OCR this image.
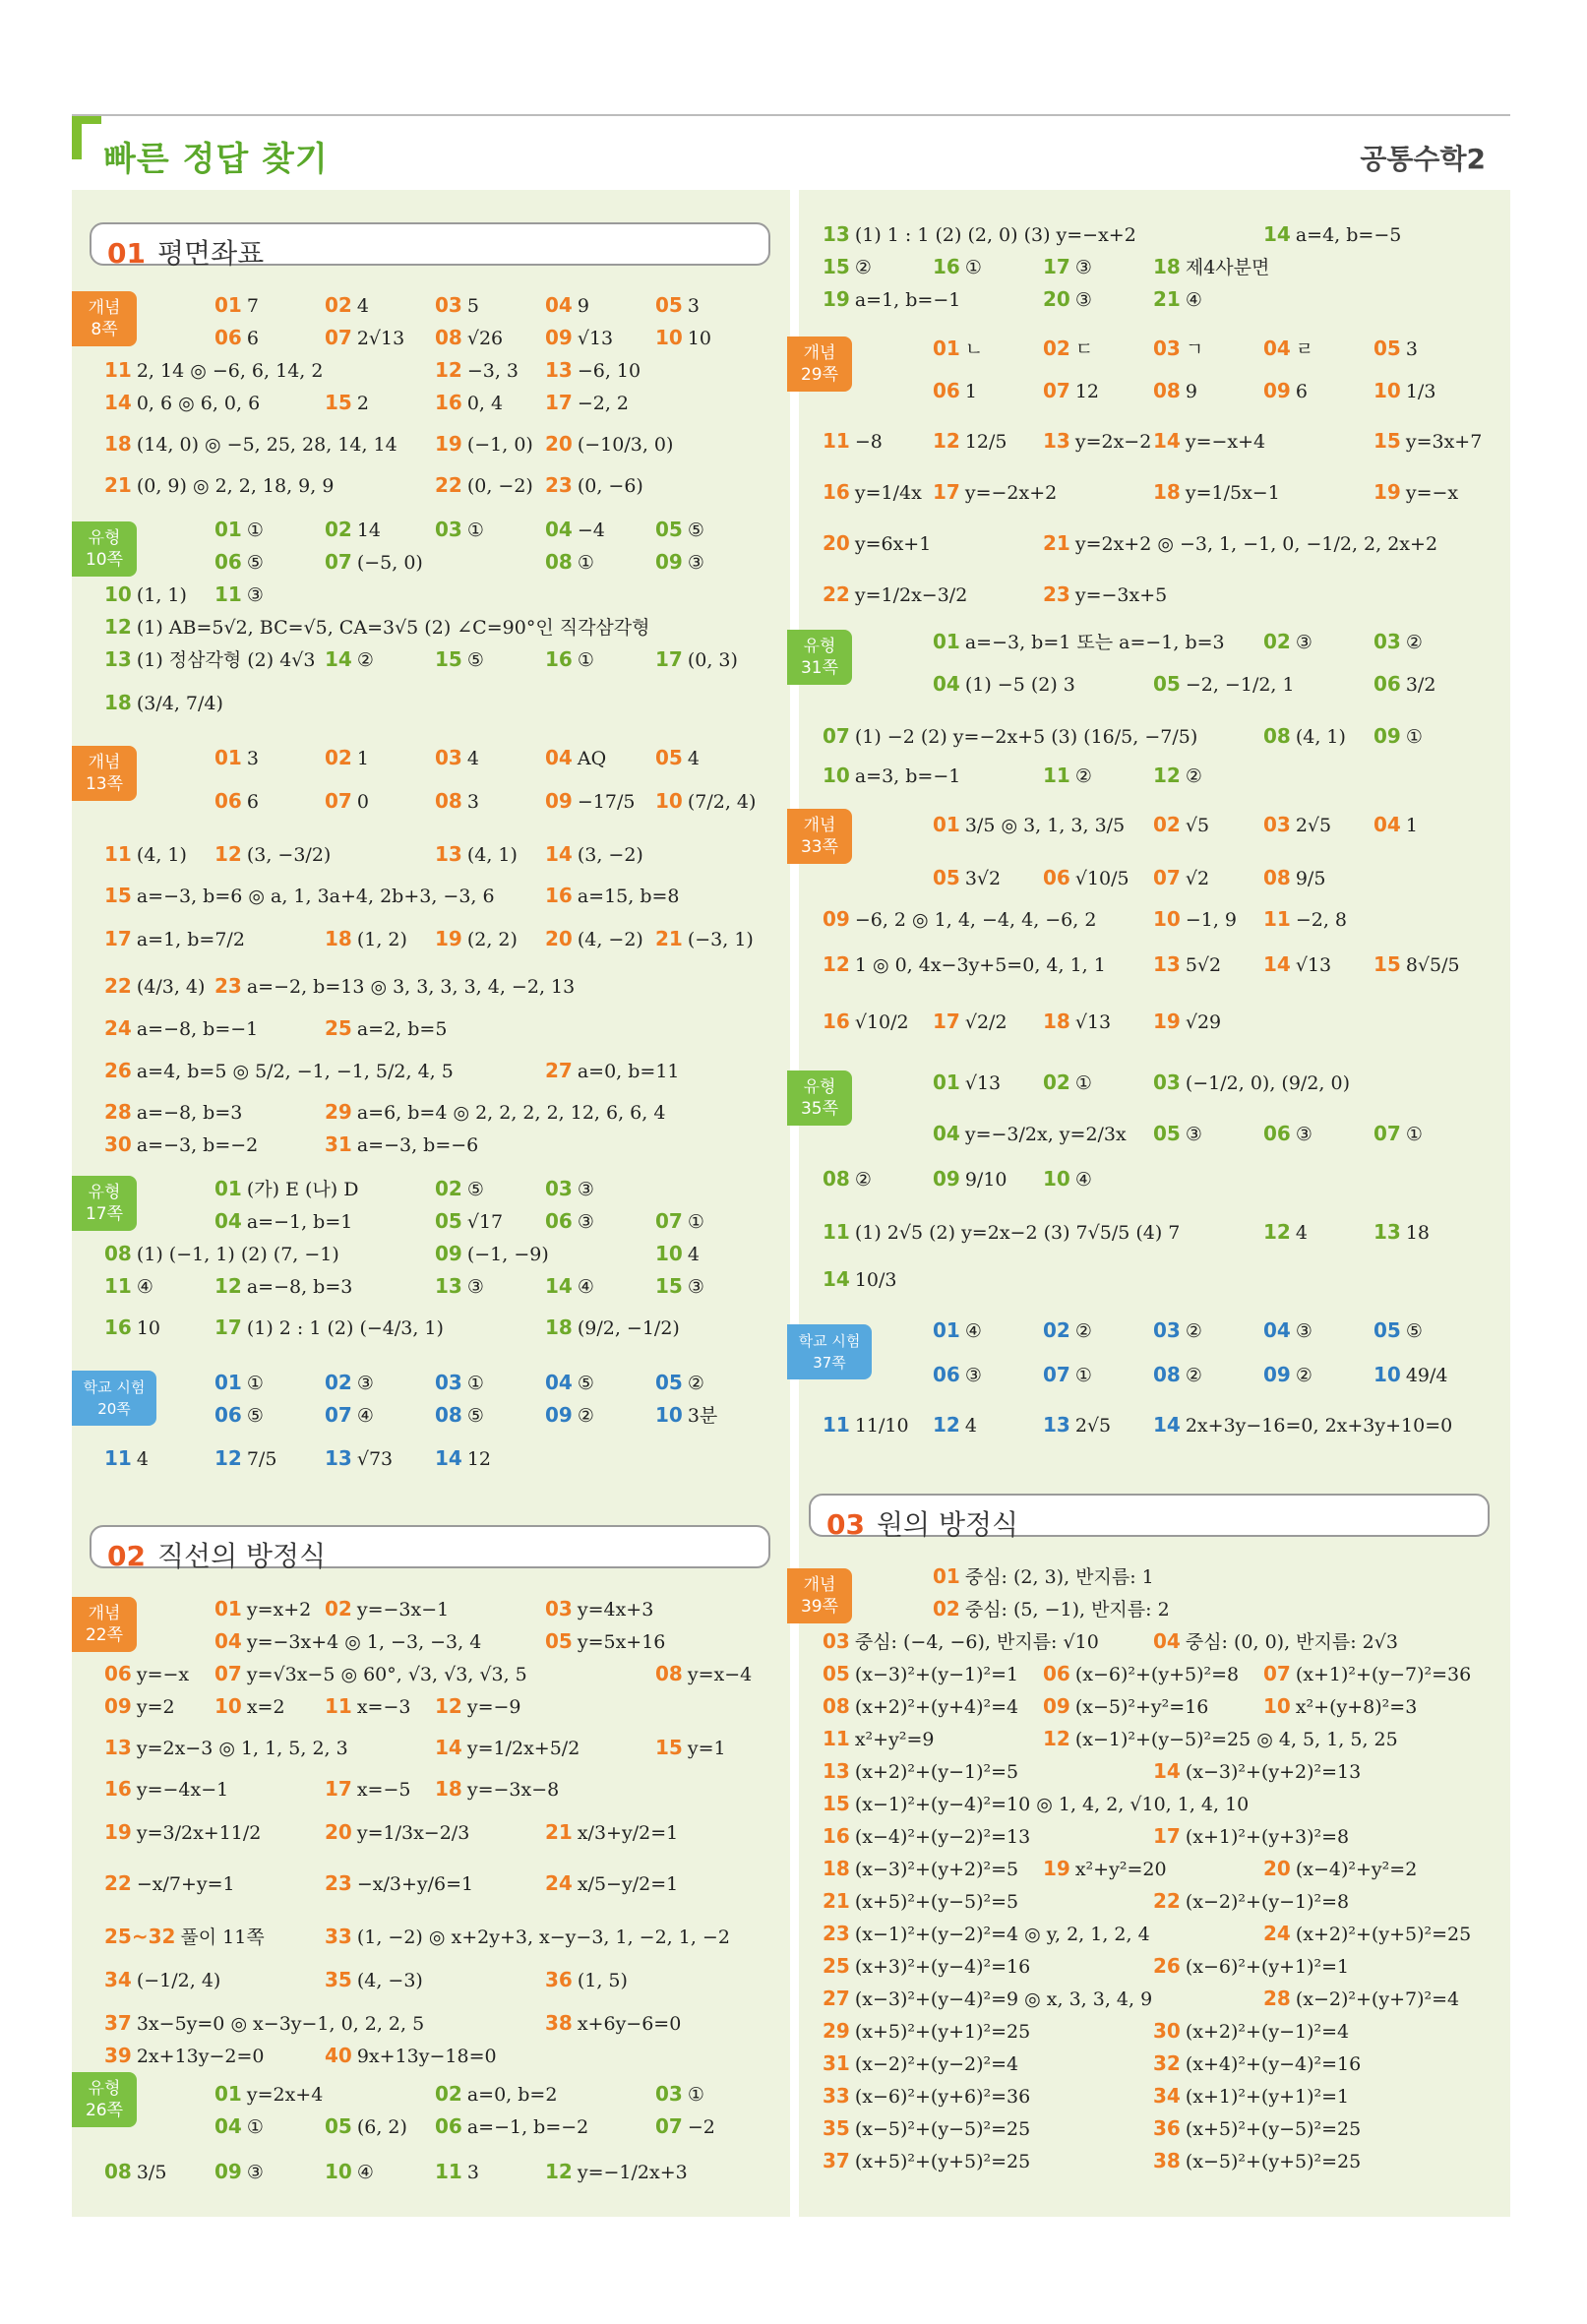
빠른 정답 찾기	공통수학2
01 평면좌표
02 직선의 방정식
03 원의 방정식
개념
8쪽
유형
10쪽
개념
13쪽
유형
17쪽
학교 시험
20쪽
개념
22쪽
유형
26쪽
개념
29쪽
유형
31쪽
개념
33쪽
유형
35쪽
학교 시험
37쪽
개념
39쪽
01 7	02 4	03 5	04 9	05 3
06 6	07 2√13 08 √26 09 √13 10 10
11 2, 14 ◎ −6, 6, 14, 2	12 −3, 3 13 −6, 10
14 0, 6 ◎ 6, 0, 6	15 2	16 0, 4 17 −2, 2
18 (14, 0) ◎ −5, 25, 28, 14, 14 19 (−1, 0) 20 (−10/3, 0)
21 (0, 9) ◎ 2, 2, 18, 9, 9	22 (0, −2) 23 (0, −6)
01 ①	02 14	03 ①	04 −4	05 ⑤
06 ⑤	07 (−5, 0)	08 ①	09 ③
10 (1, 1) 11 ③
12 (1) AB=5√2, BC=√5, CA=3√5 (2) ∠C=90°인 직각삼각형
13 (1) 정삼각형 (2) 4√3 14 ②	15 ⑤	16 ①	17 (0, 3)
18 (3/4, 7/4)
01 3	02 1	03 4	04 AQ 05 4
06 6	07 0	08 3	09 −17/5 10 (7/2, 4)
11 (4, 1) 12 (3, −3/2)	13 (4, 1) 14 (3, −2)
15 a=−3, b=6 ◎ a, 1, 3a+4, 2b+3, −3, 6	16 a=15, b=8
17 a=1, b=7/2	18 (1, 2) 19 (2, 2) 20 (4, −2) 21 (−3, 1)
22 (4/3, 4) 23 a=−2, b=13 ◎ 3, 3, 3, 3, 4, −2, 13
24 a=−8, b=−1	25 a=2, b=5
26 a=4, b=5 ◎ 5/2, −1, −1, 5/2, 4, 5	27 a=0, b=11
28 a=−8, b=3	29 a=6, b=4 ◎ 2, 2, 2, 2, 12, 6, 6, 4
30 a=−3, b=−2	31 a=−3, b=−6
01 (가) E (나) D	02 ⑤	03 ③
04 a=−1, b=1	05 √17 06 ③	07 ①
08 (1) (−1, 1) (2) (7, −1)	09 (−1, −9)	10 4
11 ④	12 a=−8, b=3	13 ③	14 ④	15 ③
16 10	17 (1) 2 : 1 (2) (−4/3, 1)	18 (9/2, −1/2)
01 ①	02 ③	03 ①	04 ⑤	05 ②
06 ⑤	07 ④	08 ⑤	09 ②	10 3분
11 4	12 7/5 13 √73 14 12
01 y=x+2 02 y=−3x−1	03 y=4x+3
04 y=−3x+4 ◎ 1, −3, −3, 4	05 y=5x+16
06 y=−x 07 y=√3x−5 ◎ 60°, √3, √3, √3, 5	08 y=x−4
09 y=2 10 x=2 11 x=−3 12 y=−9
13 y=2x−3 ◎ 1, 1, 5, 2, 3	14 y=1/2x+5/2	15 y=1
16 y=−4x−1	17 x=−5 18 y=−3x−8
19 y=3/2x+11/2	20 y=1/3x−2/3	21 x/3+y/2=1
22 −x/7+y=1	23 −x/3+y/6=1	24 x/5−y/2=1
25~32 풀이 11쪽	33 (1, −2) ◎ x+2y+3, x−y−3, 1, −2, 1, −2
34 (−1/2, 4)	35 (4, −3)	36 (1, 5)
37 3x−5y=0 ◎ x−3y−1, 0, 2, 2, 5	38 x+6y−6=0
39 2x+13y−2=0	40 9x+13y−18=0
01 y=2x+4	02 a=0, b=2	03 ①
04 ①	05 (6, 2) 06 a=−1, b=−2	07 −2
08 3/5 09 ③	10 ④	11 3	12 y=−1/2x+3
13 (1) 1 : 1 (2) (2, 0) (3) y=−x+2	14 a=4, b=−5
15 ②	16 ①	17 ③	18 제4사분면
19 a=1, b=−1	20 ③	21 ④
01 ㄴ	02 ㄷ	03 ㄱ	04 ㄹ	05 3
06 1	07 12	08 9	09 6	10 1/3
11 −8	12 12/5 13 y=2x−2 14 y=−x+4	15 y=3x+7
16 y=1/4x 17 y=−2x+2	18 y=1/5x−1	19 y=−x
20 y=6x+1	21 y=2x+2 ◎ −3, 1, −1, 0, −1/2, 2, 2x+2
22 y=1/2x−3/2	23 y=−3x+5
01 a=−3, b=1 또는 a=−1, b=3 02 ③	03 ②
04 (1) −5 (2) 3	05 −2, −1/2, 1	06 3/2
07 (1) −2 (2) y=−2x+5 (3) (16/5, −7/5)	08 (4, 1) 09 ①
10 a=3, b=−1	11 ②	12 ②
01 3/5 ◎ 3, 1, 3, 3/5 02 √5	03 2√5 04 1
05 3√2 06 √10/5 07 √2	08 9/5
09 −6, 2 ◎ 1, 4, −4, 4, −6, 2	10 −1, 9 11 −2, 8
12 1 ◎ 0, 4x−3y+5=0, 4, 1, 1 13 5√2 14 √13 15 8√5/5
16 √10/2 17 √2/2 18 √13 19 √29
01 √13 02 ①	03 (−1/2, 0), (9/2, 0)
04 y=−3/2x, y=2/3x 05 ③	06 ③	07 ①
08 ②	09 9/10 10 ④
11 (1) 2√5 (2) y=2x−2 (3) 7√5/5 (4) 7	12 4	13 18
14 10/3
01 ④	02 ②	03 ②	04 ③	05 ⑤
06 ③	07 ①	08 ②	09 ②	10 49/4
11 11/10 12 4	13 2√5 14 2x+3y−16=0, 2x+3y+10=0
01 중심: (2, 3), 반지름: 1
02 중심: (5, −1), 반지름: 2
03 중심: (−4, −6), 반지름: √10	04 중심: (0, 0), 반지름: 2√3
05 (x−3)²+(y−1)²=1 06 (x−6)²+(y+5)²=8 07 (x+1)²+(y−7)²=36
08 (x+2)²+(y+4)²=4 09 (x−5)²+y²=16	10 x²+(y+8)²=3
11 x²+y²=9	12 (x−1)²+(y−5)²=25 ◎ 4, 5, 1, 5, 25
13 (x+2)²+(y−1)²=5	14 (x−3)²+(y+2)²=13
15 (x−1)²+(y−4)²=10 ◎ 1, 4, 2, √10, 1, 4, 10
16 (x−4)²+(y−2)²=13	17 (x+1)²+(y+3)²=8
18 (x−3)²+(y+2)²=5 19 x²+y²=20	20 (x−4)²+y²=2
21 (x+5)²+(y−5)²=5	22 (x−2)²+(y−1)²=8
23 (x−1)²+(y−2)²=4 ◎ y, 2, 1, 2, 4	24 (x+2)²+(y+5)²=25
25 (x+3)²+(y−4)²=16	26 (x−6)²+(y+1)²=1
27 (x−3)²+(y−4)²=9 ◎ x, 3, 3, 4, 9	28 (x−2)²+(y+7)²=4
29 (x+5)²+(y+1)²=25	30 (x+2)²+(y−1)²=4
31 (x−2)²+(y−2)²=4	32 (x+4)²+(y−4)²=16
33 (x−6)²+(y+6)²=36	34 (x+1)²+(y+1)²=1
35 (x−5)²+(y−5)²=25	36 (x+5)²+(y−5)²=25
37 (x+5)²+(y+5)²=25	38 (x−5)²+(y+5)²=25
